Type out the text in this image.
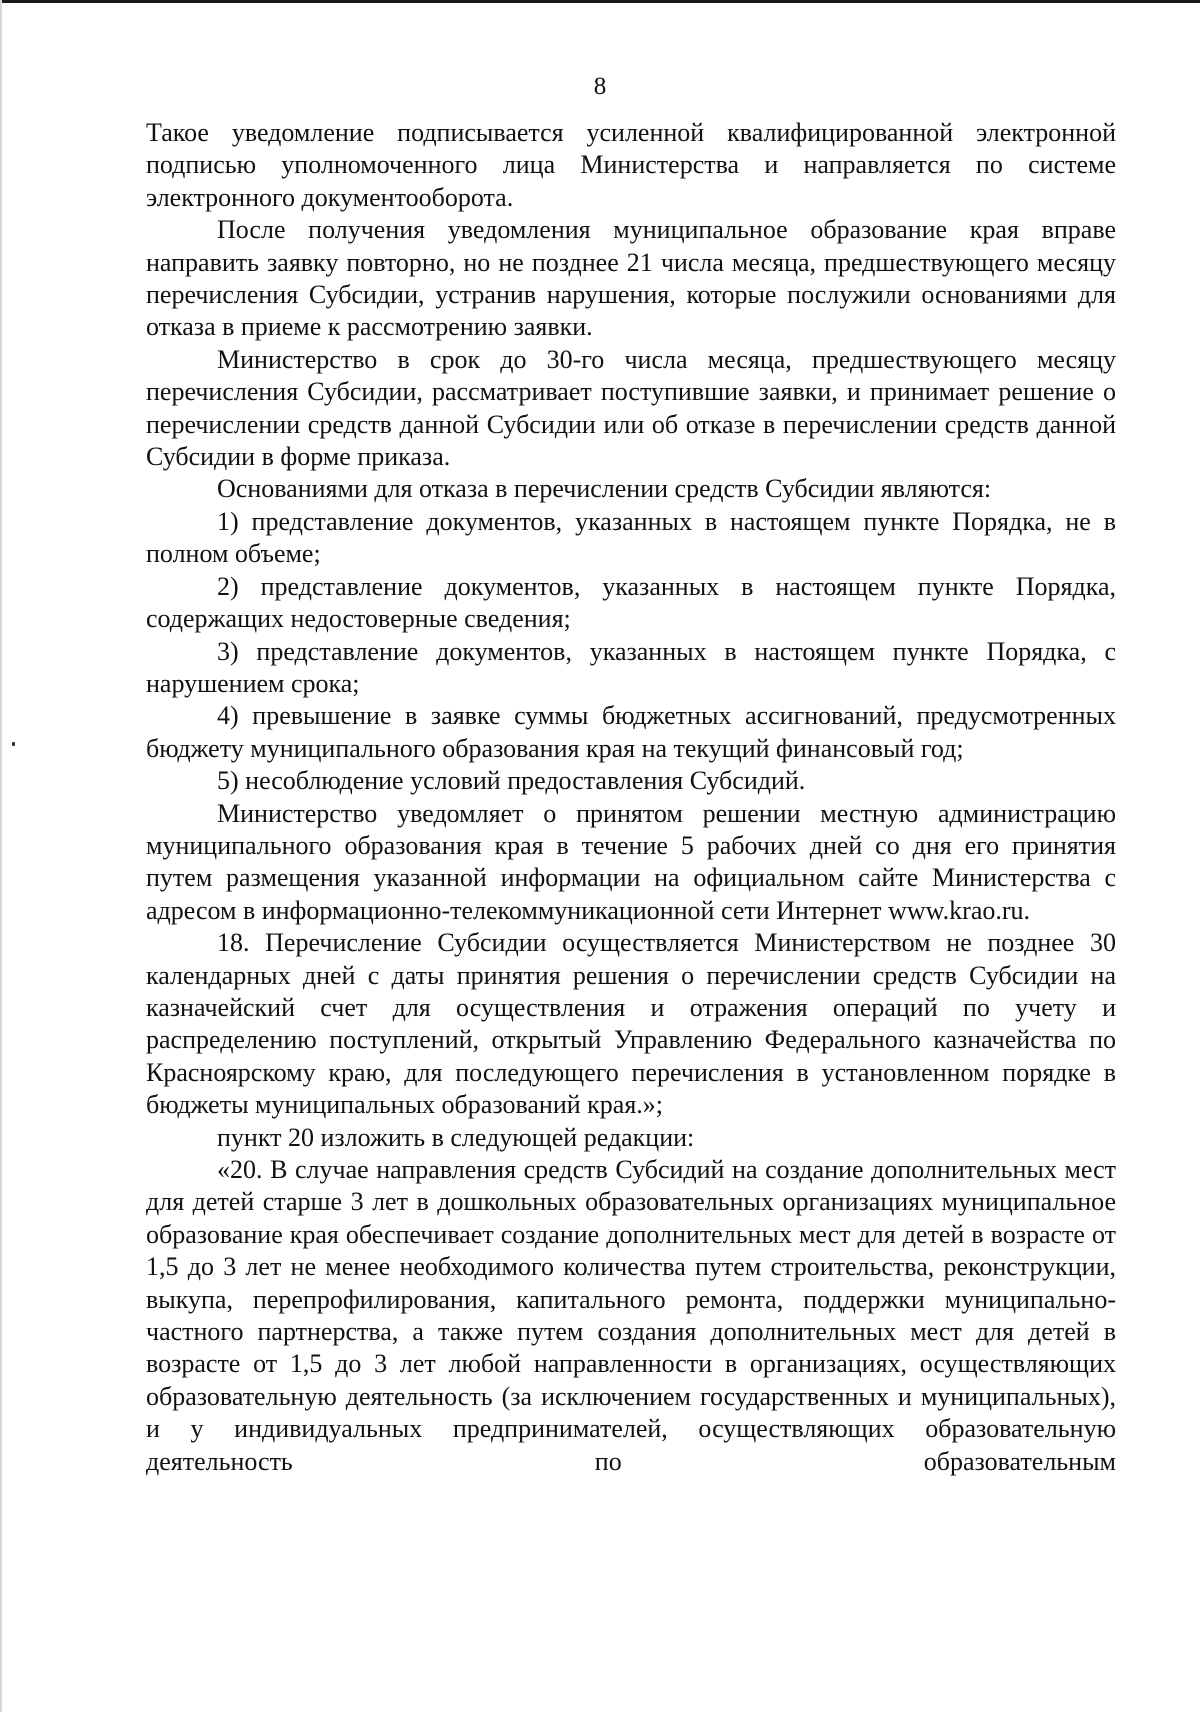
8

Такое уведомление подписывается усиленной квалифицированной электронной подписью уполномоченного лица Министерства и направляется по системе электронного документооборота.

После получения уведомления муниципальное образование края вправе направить заявку повторно, но не позднее 21 числа месяца, предшествующего месяцу перечисления Субсидии, устранив нарушения, которые послужили основаниями для отказа в приеме к рассмотрению заявки.

Министерство в срок до 30-го числа месяца, предшествующего месяцу перечисления Субсидии, рассматривает поступившие заявки, и принимает решение о перечислении средств данной Субсидии или об отказе в перечислении средств данной Субсидии в форме приказа.

Основаниями для отказа в перечислении средств Субсидии являются:

1) представление документов, указанных в настоящем пункте Порядка, не в полном объеме;

2) представление документов, указанных в настоящем пункте Порядка, содержащих недостоверные сведения;

3) представление документов, указанных в настоящем пункте Порядка, с нарушением срока;

4) превышение в заявке суммы бюджетных ассигнований, предусмотренных бюджету муниципального образования края на текущий финансовый год;

5) несоблюдение условий предоставления Субсидий.

Министерство уведомляет о принятом решении местную администрацию муниципального образования края в течение 5 рабочих дней со дня его принятия путем размещения указанной информации на официальном сайте Министерства с адресом в информационно-телекоммуникационной сети Интернет www.krao.ru.

18. Перечисление Субсидии осуществляется Министерством не позднее 30 календарных дней с даты принятия решения о перечислении средств Субсидии на казначейский счет для осуществления и отражения операций по учету и распределению поступлений, открытый Управлению Федерального казначейства по Красноярскому краю, для последующего перечисления в установленном порядке в бюджеты муниципальных образований края.»;

пункт 20 изложить в следующей редакции:

«20. В случае направления средств Субсидий на создание дополнительных мест для детей старше 3 лет в дошкольных образовательных организациях муниципальное образование края обеспечивает создание дополнительных мест для детей в возрасте от 1,5 до 3 лет не менее необходимого количества путем строительства, реконструкции, выкупа, перепрофилирования, капитального ремонта, поддержки муниципально-частного партнерства, а также путем создания дополнительных мест для детей в возрасте от 1,5 до 3 лет любой направленности в организациях, осуществляющих образовательную деятельность (за исключением государственных и муниципальных), и у индивидуальных предпринимателей, осуществляющих образовательную деятельность по образовательным
